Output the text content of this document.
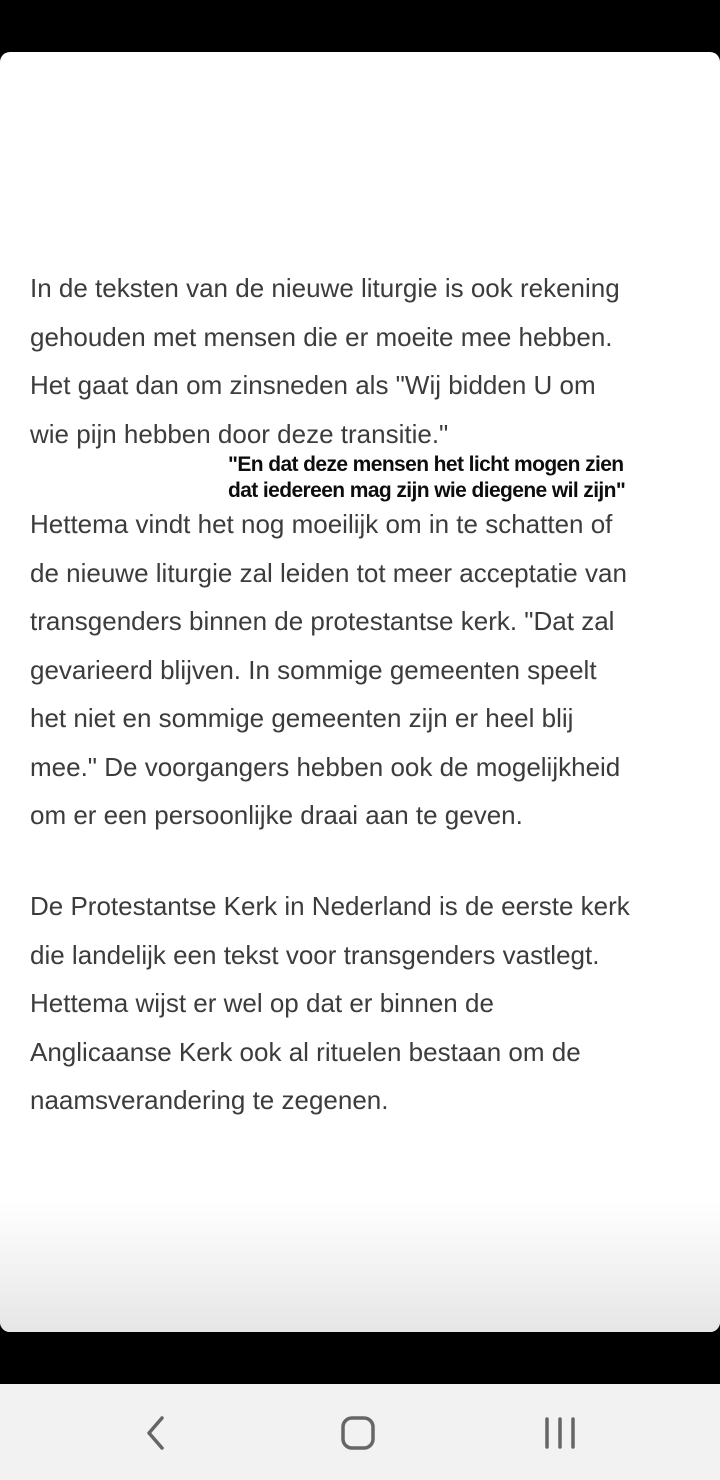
In de teksten van de nieuwe liturgie is ook rekening
gehouden met mensen die er moeite mee hebben.
Het gaat dan om zinsneden als "Wij bidden U om
wie pijn hebben door deze transitie."

"En dat deze mensen het licht mogen zien
dat iedereen mag zijn wie diegene wil zijn"

Hettema vindt het nog moeilijk om in te schatten of
de nieuwe liturgie zal leiden tot meer acceptatie van
transgenders binnen de protestantse kerk. "Dat zal
gevarieerd blijven. In sommige gemeenten speelt
het niet en sommige gemeenten zijn er heel blij
mee." De voorgangers hebben ook de mogelijkheid
om er een persoonlijke draai aan te geven.

De Protestantse Kerk in Nederland is de eerste kerk
die landelijk een tekst voor transgenders vastlegt.
Hettema wijst er wel op dat er binnen de
Anglicaanse Kerk ook al rituelen bestaan om de
naamsverandering te zegenen.
